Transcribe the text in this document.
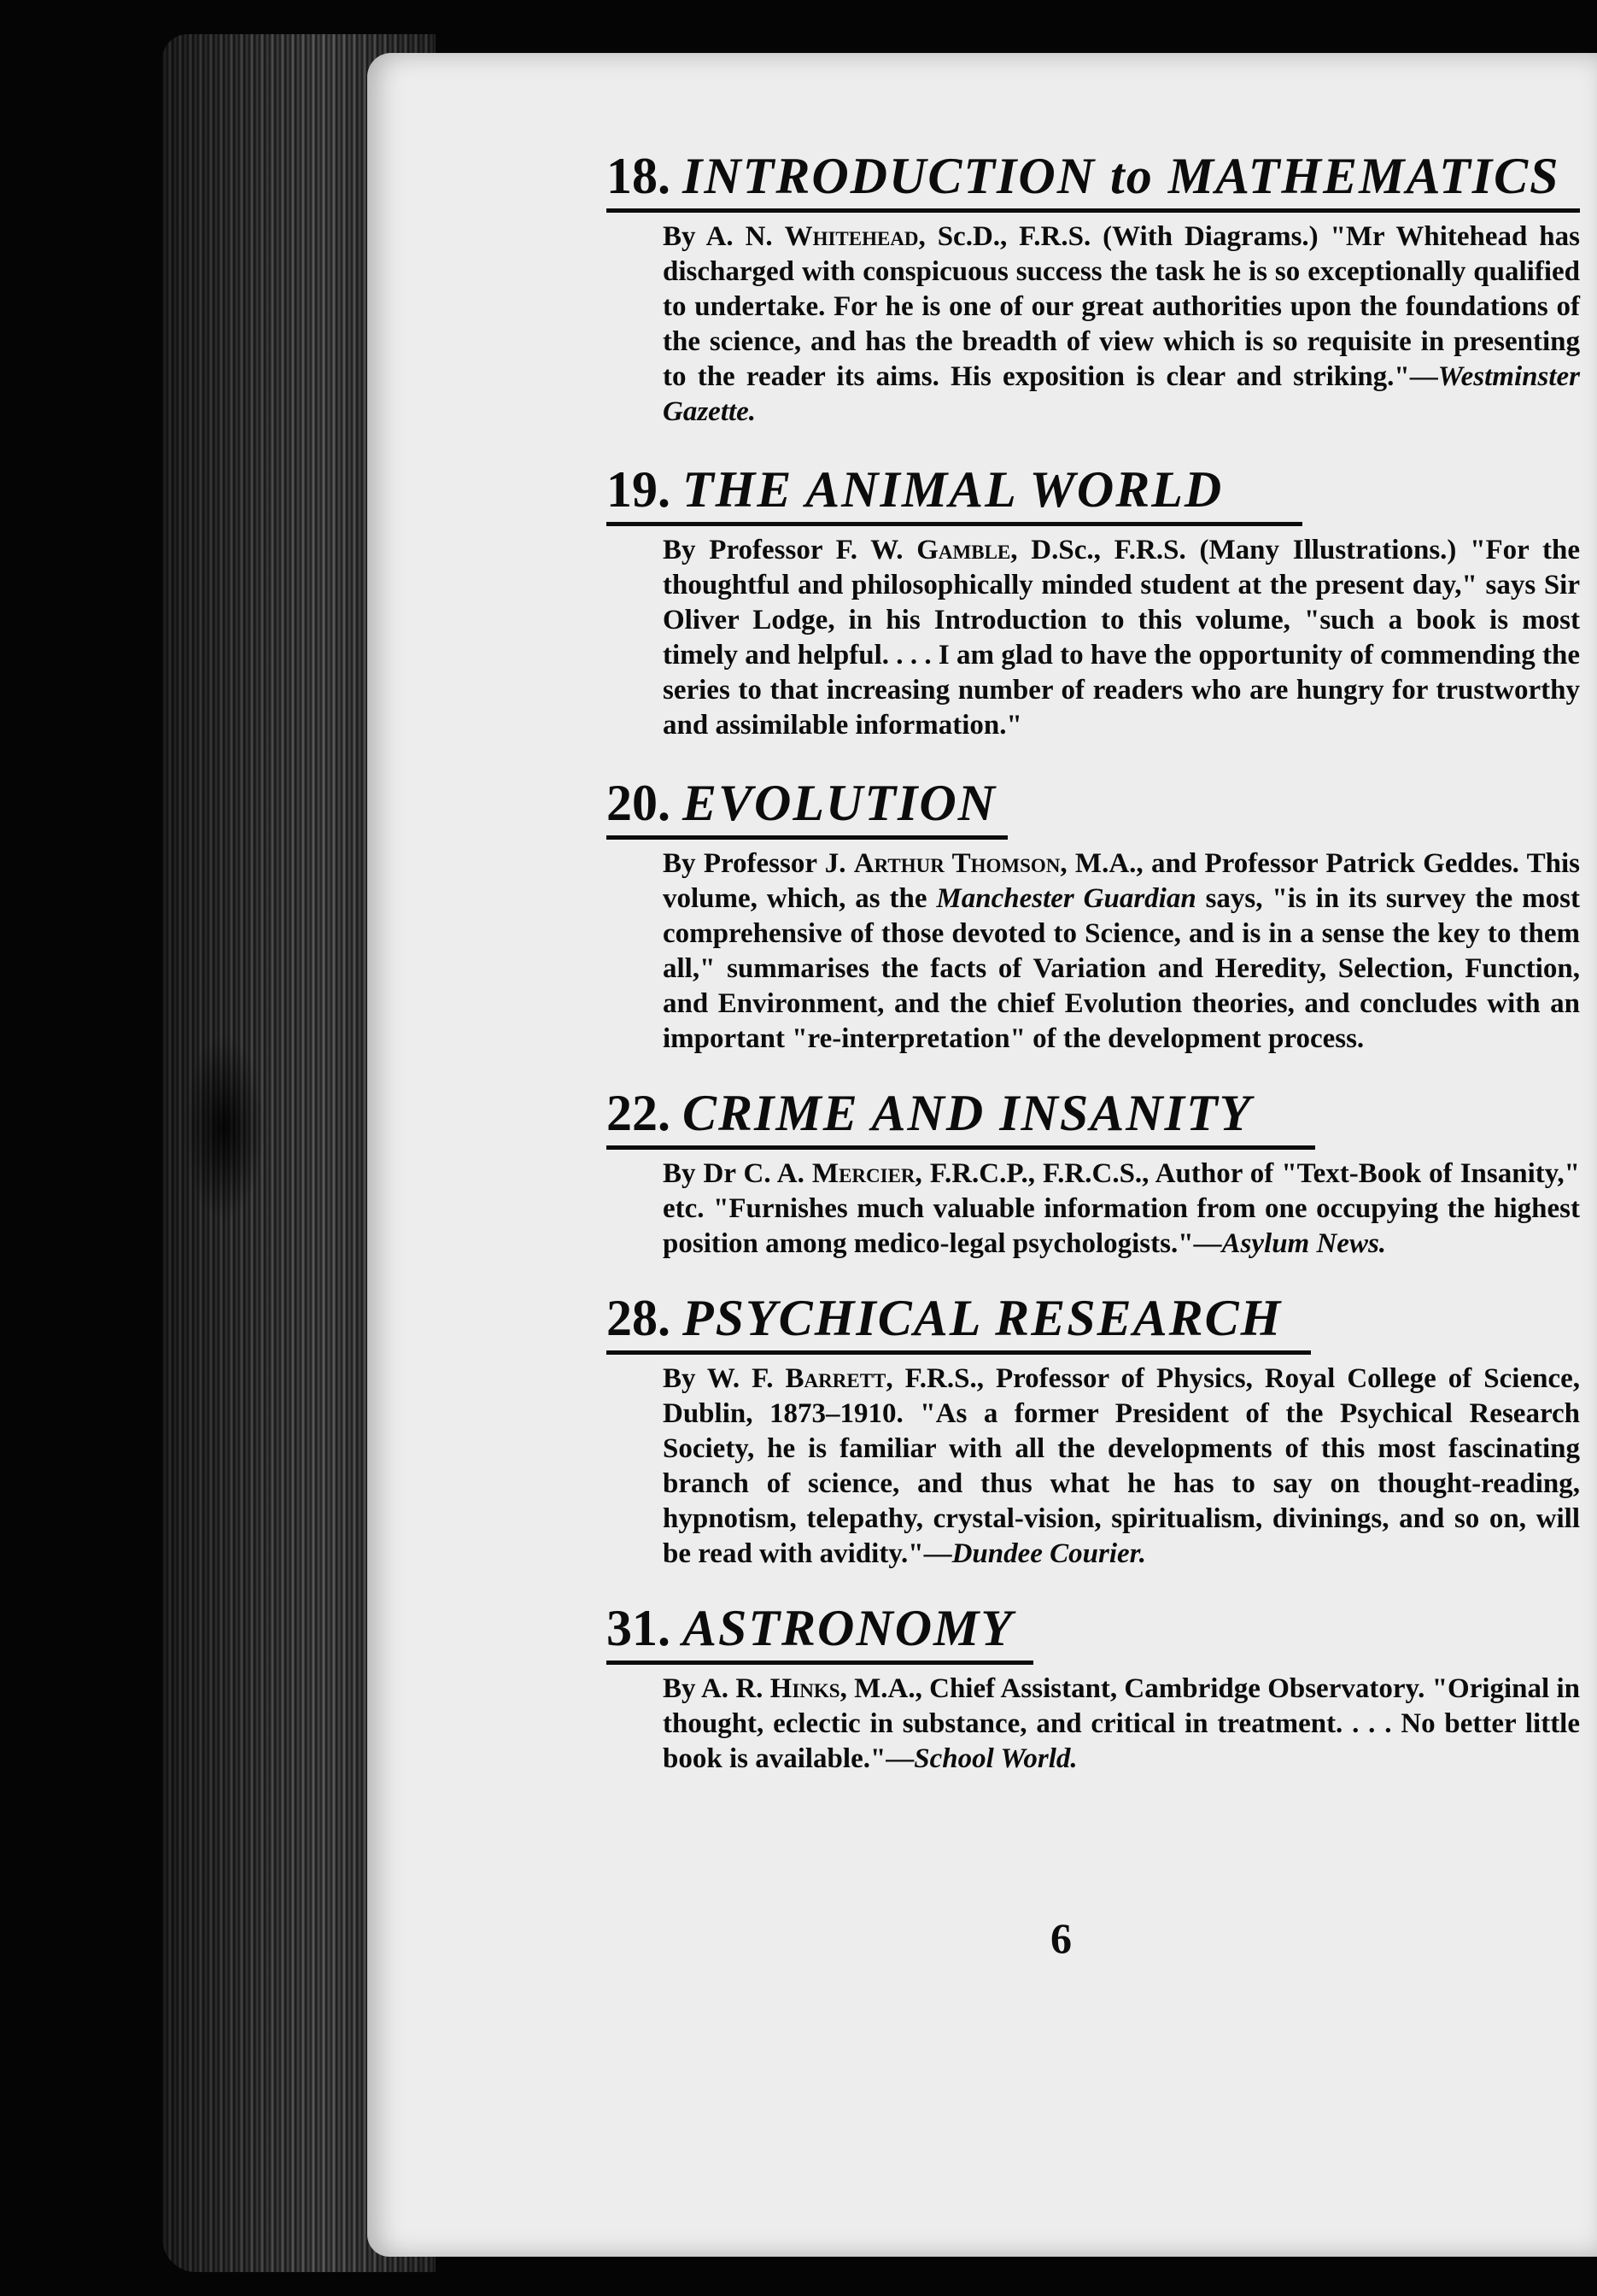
18. INTRODUCTION to MATHEMATICS
By A. N. Whitehead, Sc.D., F.R.S. (With Diagrams.) "Mr Whitehead has discharged with conspicuous success the task he is so exceptionally qualified to undertake. For he is one of our great authorities upon the foundations of the science, and has the breadth of view which is so requisite in presenting to the reader its aims. His exposition is clear and striking."—Westminster Gazette.
19. THE ANIMAL WORLD
By Professor F. W. Gamble, D.Sc., F.R.S. (Many Illustrations.) "For the thoughtful and philosophically minded student at the present day," says Sir Oliver Lodge, in his Introduction to this volume, "such a book is most timely and helpful. . . . I am glad to have the opportunity of commending the series to that increasing number of readers who are hungry for trustworthy and assimilable information."
20. EVOLUTION
By Professor J. Arthur Thomson, M.A., and Professor Patrick Geddes. This volume, which, as the Manchester Guardian says, "is in its survey the most comprehensive of those devoted to Science, and is in a sense the key to them all," summarises the facts of Variation and Heredity, Selection, Function, and Environment, and the chief Evolution theories, and concludes with an important "re-interpretation" of the development process.
22. CRIME AND INSANITY
By Dr C. A. Mercier, F.R.C.P., F.R.C.S., Author of "Text-Book of Insanity," etc. "Furnishes much valuable information from one occupying the highest position among medico-legal psychologists."—Asylum News.
28. PSYCHICAL RESEARCH
By W. F. Barrett, F.R.S., Professor of Physics, Royal College of Science, Dublin, 1873–1910. "As a former President of the Psychical Research Society, he is familiar with all the developments of this most fascinating branch of science, and thus what he has to say on thought-reading, hypnotism, telepathy, crystal-vision, spiritualism, divinings, and so on, will be read with avidity."—Dundee Courier.
31. ASTRONOMY
By A. R. Hinks, M.A., Chief Assistant, Cambridge Observatory. "Original in thought, eclectic in substance, and critical in treatment. . . . No better little book is available."—School World.
6
